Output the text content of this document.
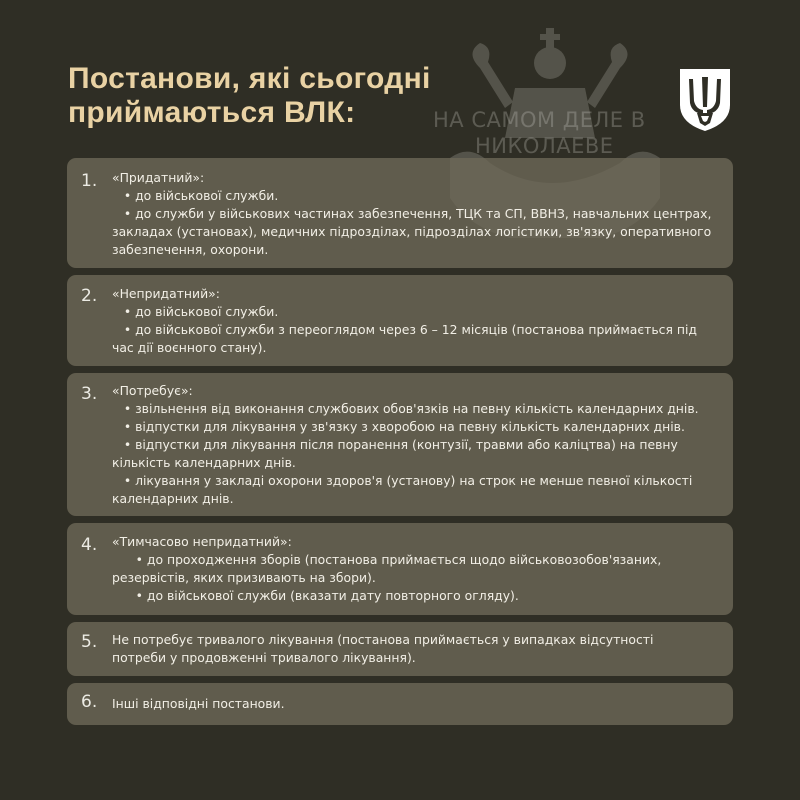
НА САМОМ ДЕЛЕ В
НИКОЛАЕВЕ
Постанови, які сьогодні
приймаються ВЛК:
1. «Придатний»:
• до військової служби.
• до служби у військових частинах забезпечення, ТЦК та СП, ВВНЗ, навчальних центрах,
закладах (установах), медичних підрозділах, підрозділах логістики, зв'язку, оперативного
забезпечення, охорони.
2. «Непридатний»:
• до військової служби.
• до військової служби з переоглядом через 6 – 12 місяців (постанова приймається під
час дії воєнного стану).
3. «Потребує»:
• звільнення від виконання службових обов'язків на певну кількість календарних днів.
• відпустки для лікування у зв'язку з хворобою на певну кількість календарних днів.
• відпустки для лікування після поранення (контузії, травми або каліцтва) на певну
кількість календарних днів.
• лікування у закладі охорони здоров'я (установу) на строк не менше певної кількості
календарних днів.
4. «Тимчасово непридатний»:
• до проходження зборів (постанова приймається щодо військовозобов'язаних,
резервістів, яких призивають на збори).
• до військової служби (вказати дату повторного огляду).
5. Не потребує тривалого лікування (постанова приймається у випадках відсутності
потреби у продовженні тривалого лікування).
6. Інші відповідні постанови.
